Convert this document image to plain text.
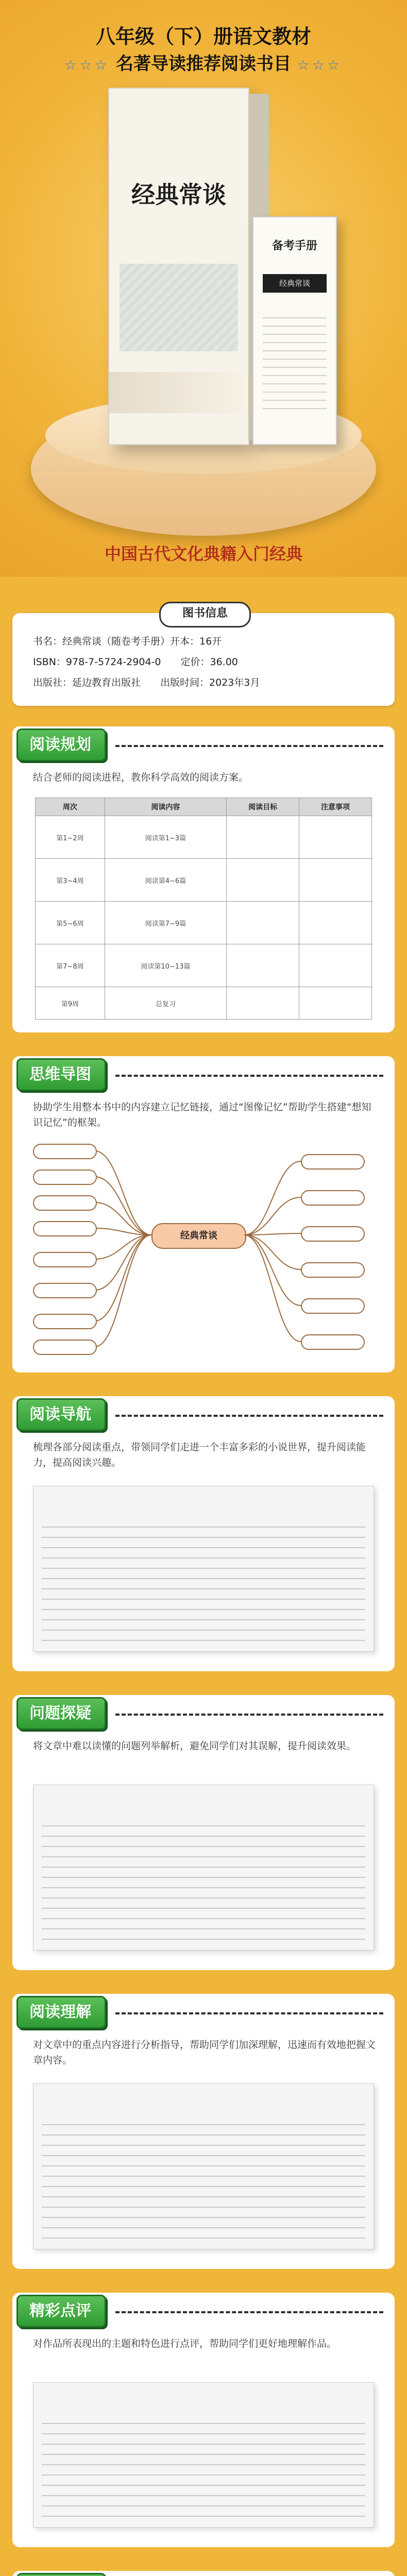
八年级（下）册语文教材
☆☆☆ 名著导读推荐阅读书目 ☆☆☆
经典常谈
备考手册
经典常谈
中国古代文化典籍入门经典
图书信息
书名：经典常谈（随卷考手册）开本：16开
ISBN：978-7-5724-2904-0　　定价：36.00
出版社：延边教育出版社　　出版时间：2023年3月
阅读规划
结合老师的阅读进程，教你科学高效的阅读方案。
周次	阅读内容	阅读目标	注意事项
第1~2周	阅读第1~3篇		
第3~4周	阅读第4~6篇		
第5~6周	阅读第7~9篇		
第7~8周	阅读第10~13篇		
第9周	总复习		
思维导图
协助学生用整本书中的内容建立记忆链接，通过“图像记忆”帮助学生搭建“想知识记忆”的框架。
经典常谈
阅读导航
梳理各部分阅读重点，带领同学们走进一个丰富多彩的小说世界，提升阅读能力，提高阅读兴趣。
问题探疑
将文章中难以读懂的问题列举解析，避免同学们对其误解，提升阅读效果。
阅读理解
对文章中的重点内容进行分析指导，帮助同学们加深理解，迅速而有效地把握文章内容。
精彩点评
对作品所表现出的主题和特色进行点评，帮助同学们更好地理解作品。
